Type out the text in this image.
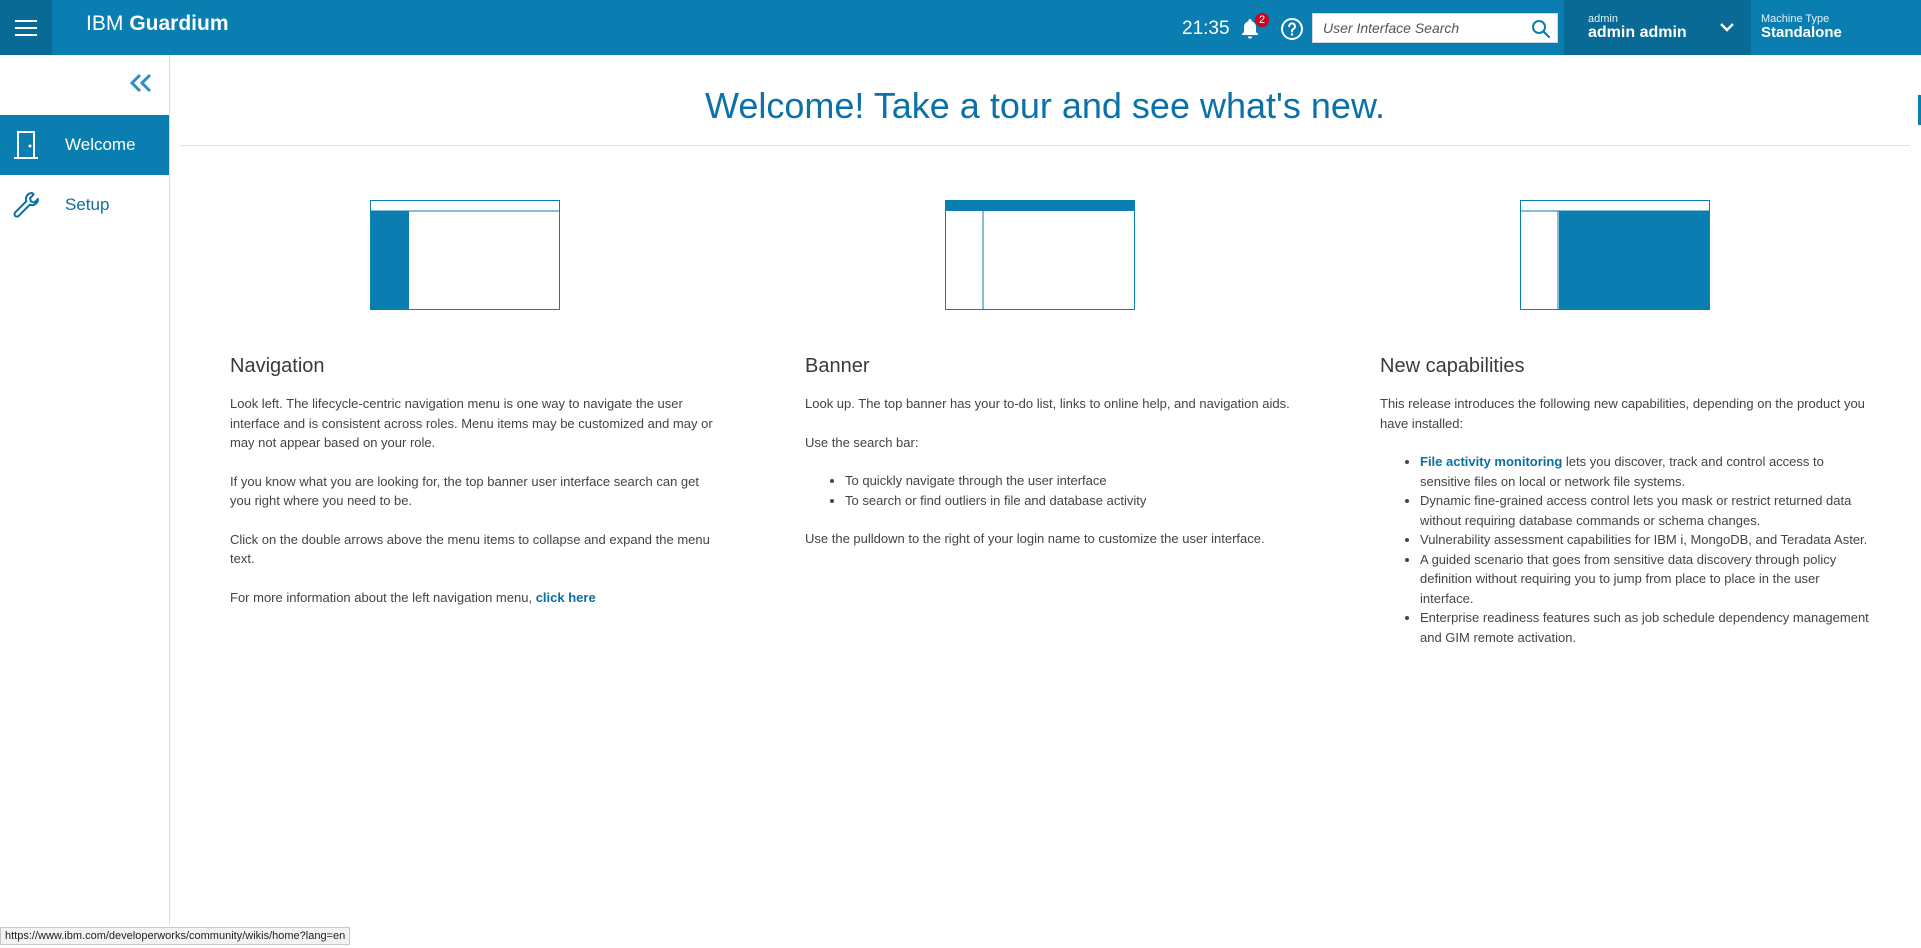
IBM Guardium	21:35	2
User Interface Search	admin
admin admin
Machine Type
Standalone
Welcome
Setup
Welcome! Take a tour and see what's new.
Navigation

Look left. The lifecycle-centric navigation menu is one way to navigate the user interface and is consistent across roles. Menu items may be customized and may or may not appear based on your role.

If you know what you are looking for, the top banner user interface search can get you right where you need to be.

Click on the double arrows above the menu items to collapse and expand the menu text.

For more information about the left navigation menu, click here

Banner

Look up. The top banner has your to-do list, links to online help, and navigation aids.

Use the search bar:

• To quickly navigate through the user interface
• To search or find outliers in file and database activity

Use the pulldown to the right of your login name to customize the user interface.

New capabilities

This release introduces the following new capabilities, depending on the product you have installed:

• File activity monitoring lets you discover, track and control access to sensitive files on local or network file systems.
• Dynamic fine-grained access control lets you mask or restrict returned data without requiring database commands or schema changes.
• Vulnerability assessment capabilities for IBM i, MongoDB, and Teradata Aster.
• A guided scenario that goes from sensitive data discovery through policy definition without requiring you to jump from place to place in the user interface.
• Enterprise readiness features such as job schedule dependency management and GIM remote activation.
https://www.ibm.com/developerworks/community/wikis/home?lang=en
